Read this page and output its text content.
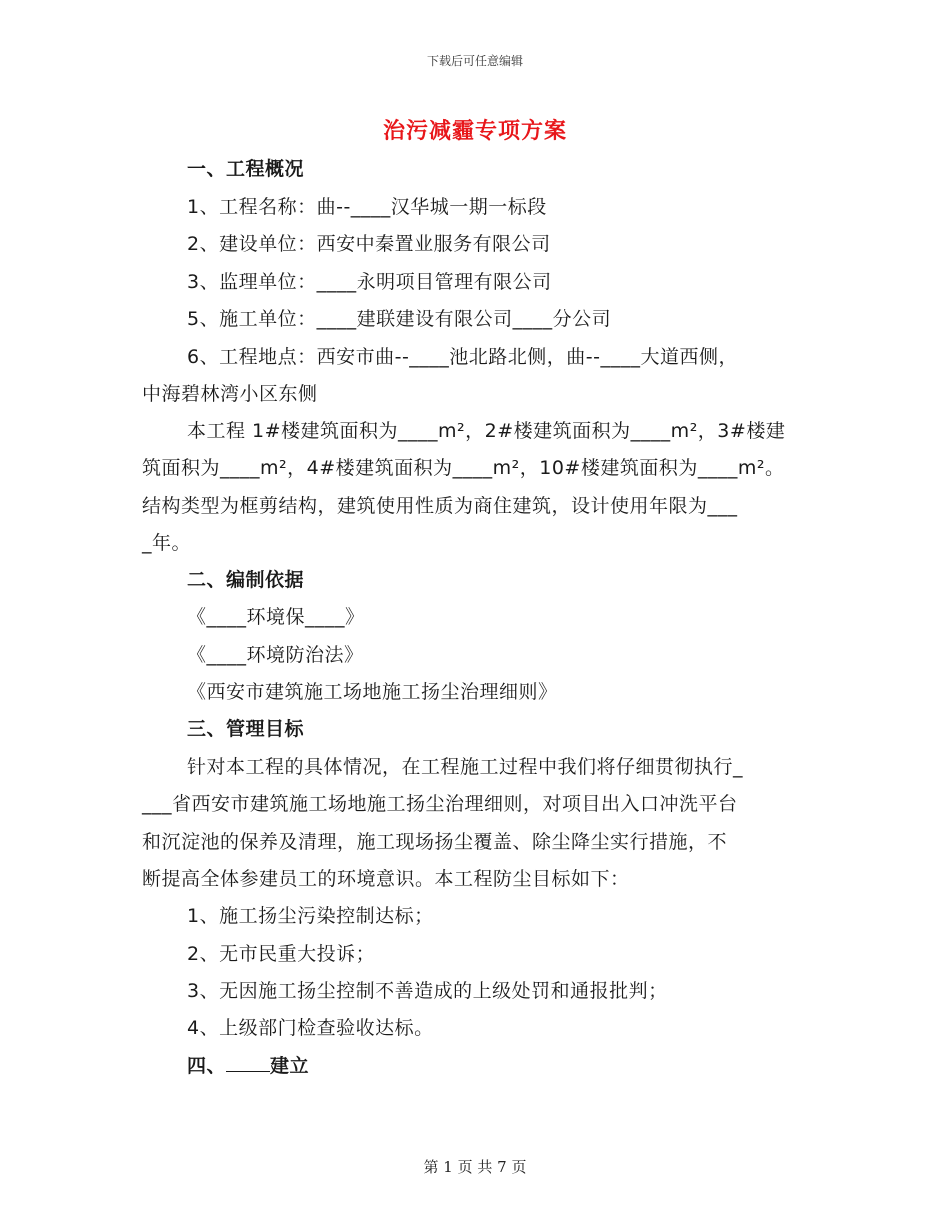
下载后可任意编辑
治污减霾专项方案
一、工程概况
1、工程名称：曲--____汉华城一期一标段
2、建设单位：西安中秦置业服务有限公司
3、监理单位：____永明项目管理有限公司
5、施工单位：____建联建设有限公司____分公司
6、工程地点：西安市曲--____池北路北侧，曲--____大道西侧，
中海碧林湾小区东侧
本工程 1#楼建筑面积为____m²，2#楼建筑面积为____m²，3#楼建
筑面积为____m²，4#楼建筑面积为____m²，10#楼建筑面积为____m²。
结构类型为框剪结构，建筑使用性质为商住建筑，设计使用年限为___
_年。
二、编制依据
《____环境保____》
《____环境防治法》
《西安市建筑施工场地施工扬尘治理细则》
三、管理目标
针对本工程的具体情况，在工程施工过程中我们将仔细贯彻执行_
___省西安市建筑施工场地施工扬尘治理细则，对项目出入口冲洗平台
和沉淀池的保养及清理，施工现场扬尘覆盖、除尘降尘实行措施，不
断提高全体参建员工的环境意识。本工程防尘目标如下：
1、施工扬尘污染控制达标；
2、无市民重大投诉；
3、无因施工扬尘控制不善造成的上级处罚和通报批判；
4、上级部门检查验收达标。
四、 建立
第 1 页 共 7 页
